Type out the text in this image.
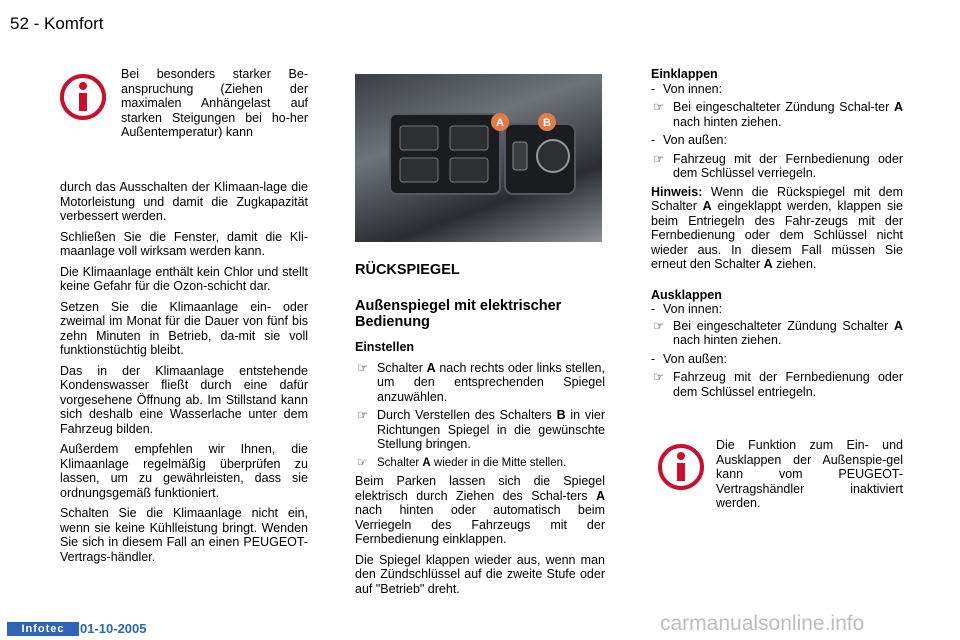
52 - Komfort
Bei besonders starker Be-anspruchung (Ziehen der maximalen Anhängelast auf starken Steigungen bei ho-her Außentemperatur) kann

durch das Ausschalten der Klimaan-lage die Motorleistung und damit die Zugkapazität verbessert werden.

Schließen Sie die Fenster, damit die Kli-maanlage voll wirksam werden kann.

Die Klimaanlage enthält kein Chlor und stellt keine Gefahr für die Ozon-schicht dar.

Setzen Sie die Klimaanlage ein- oder zweimal im Monat für die Dauer von fünf bis zehn Minuten in Betrieb, da-mit sie voll funktionstüchtig bleibt.

Das in der Klimaanlage entstehende Kondenswasser fließt durch eine dafür vorgesehene Öffnung ab. Im Stillstand kann sich deshalb eine Wasserlache unter dem Fahrzeug bilden.

Außerdem empfehlen wir Ihnen, die Klimaanlage regelmäßig überprüfen zu lassen, um zu gewährleisten, dass sie ordnungsgemäß funktioniert.

Schalten Sie die Klimaanlage nicht ein, wenn sie keine Kühlleistung bringt. Wenden Sie sich in diesem Fall an einen PEUGEOT- Vertrags-händler.

A	B
RÜCKSPIEGEL
Außenspiegel mit elektrischer Bedienung

Einstellen

☞ Schalter A nach rechts oder links stellen, um den entsprechenden Spiegel anzuwählen.
☞ Durch Verstellen des Schalters B in vier Richtungen Spiegel in die gewünschte Stellung bringen.
☞ Schalter A wieder in die Mitte stellen.

Beim Parken lassen sich die Spiegel elektrisch durch Ziehen des Schal-ters A nach hinten oder automatisch beim Verriegeln des Fahrzeugs mit der Fernbedienung einklappen.

Die Spiegel klappen wieder aus, wenn man den Zündschlüssel auf die zweite Stufe oder auf "Betrieb" dreht.

Einklappen
- Von innen:
☞ Bei eingeschalteter Zündung Schal-ter A nach hinten ziehen.
- Von außen:
☞ Fahrzeug mit der Fernbedienung oder dem Schlüssel verriegeln.

Hinweis: Wenn die Rückspiegel mit dem Schalter A eingeklappt werden, klappen sie beim Entriegeln des Fahr-zeugs mit der Fernbedienung oder dem Schlüssel nicht wieder aus. In diesem Fall müssen Sie erneut den Schalter A ziehen.

Ausklappen
- Von innen:
☞ Bei eingeschalteter Zündung Schalter A nach hinten ziehen.
- Von außen:
☞ Fahrzeug mit der Fernbedienung oder dem Schlüssel entriegeln.
Die Funktion zum Ein- und Ausklappen der Außenspie-gel kann vom PEUGEOT-Vertragshändler inaktiviert werden.
Infotec	01-10-2005	carmanualsonline.info
